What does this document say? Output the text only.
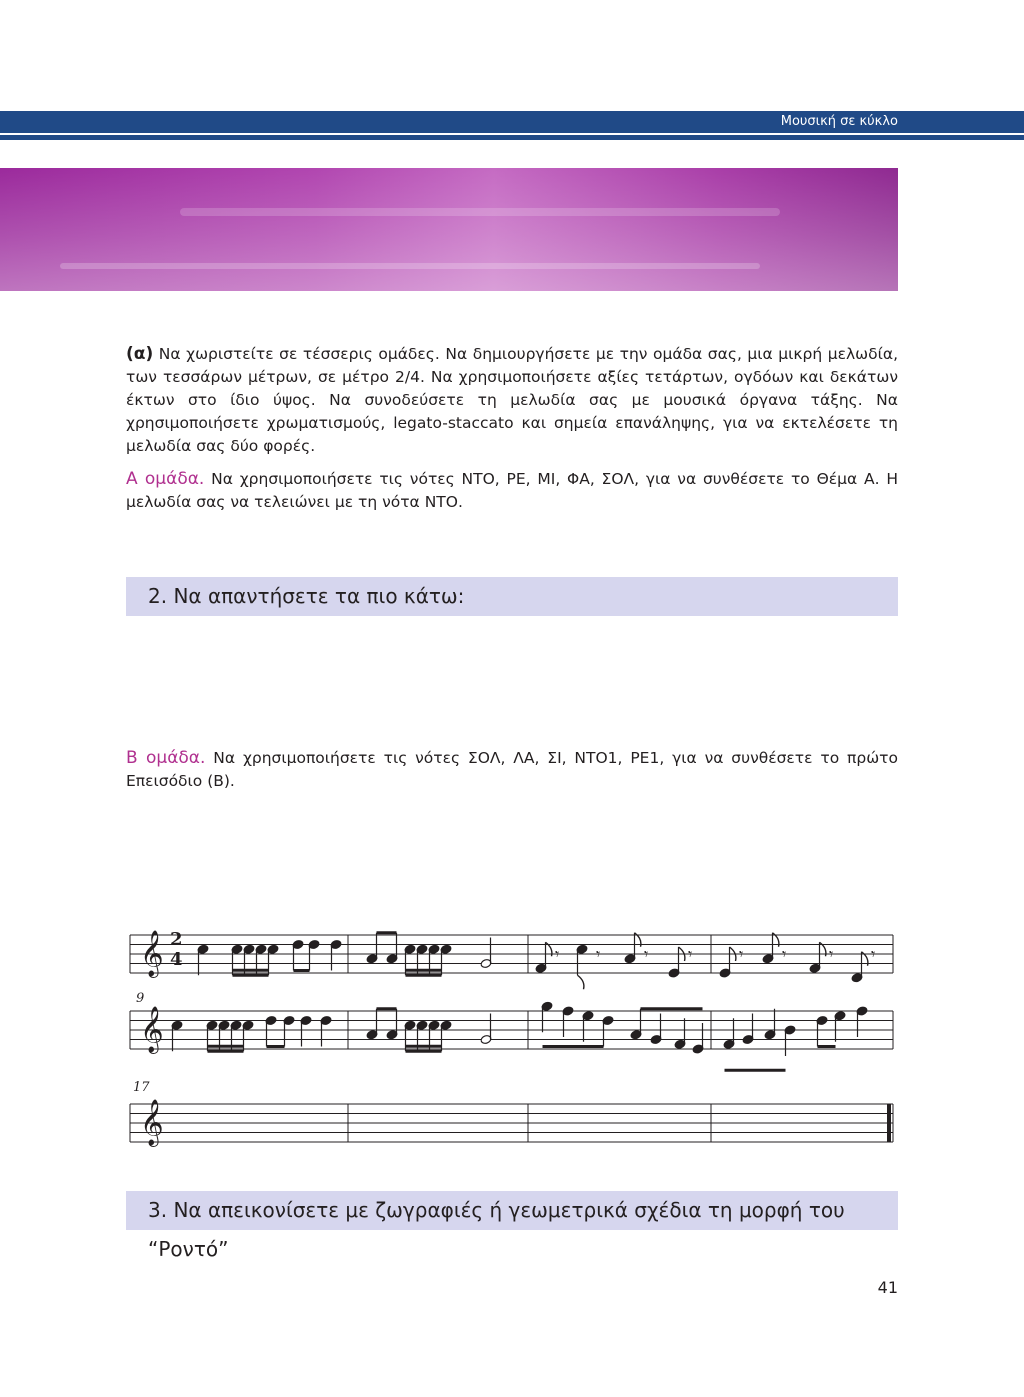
Μουσική σε κύκλο

(α) Να χωριστείτε σε τέσσερις ομάδες. Να δημιουργήσετε με την ομάδα σας, μια μικρή μελωδία, των τεσσάρων μέτρων, σε μέτρο 2/4. Να χρησιμοποιήσετε αξίες τετάρτων, ογδόων και δεκάτων έκτων στο ίδιο ύψος. Να συνοδεύσετε τη μελωδία σας με μουσικά όργανα τάξης. Να χρησιμοποιήσετε χρωματισμούς, legato-staccato και σημεία επανάληψης, για να εκτελέσετε τη μελωδία σας δύο φορές.

Α ομάδα. Να χρησιμοποιήσετε τις νότες ΝΤΟ, ΡΕ, ΜΙ, ΦΑ, ΣΟΛ, για να συνθέσετε το Θέμα Α. Η μελωδία σας να τελειώνει με τη νότα ΝΤΟ.

2. Να απαντήσετε τα πιο κάτω:

Β ομάδα. Να χρησιμοποιήσετε τις νότες ΣΟΛ, ΛΑ, ΣΙ, ΝΤΟ1, ΡΕ1, για να συνθέσετε το πρώτο Επεισόδιο (Β).

𝄞
𝄞
𝄞
𝄾 𝄾	𝄾 𝄾	𝄾 𝄾	𝄾 𝄾
2
4
9
17
3. Να απεικονίσετε με ζωγραφιές ή γεωμετρικά σχέδια τη μορφή του “Ροντό”
41
